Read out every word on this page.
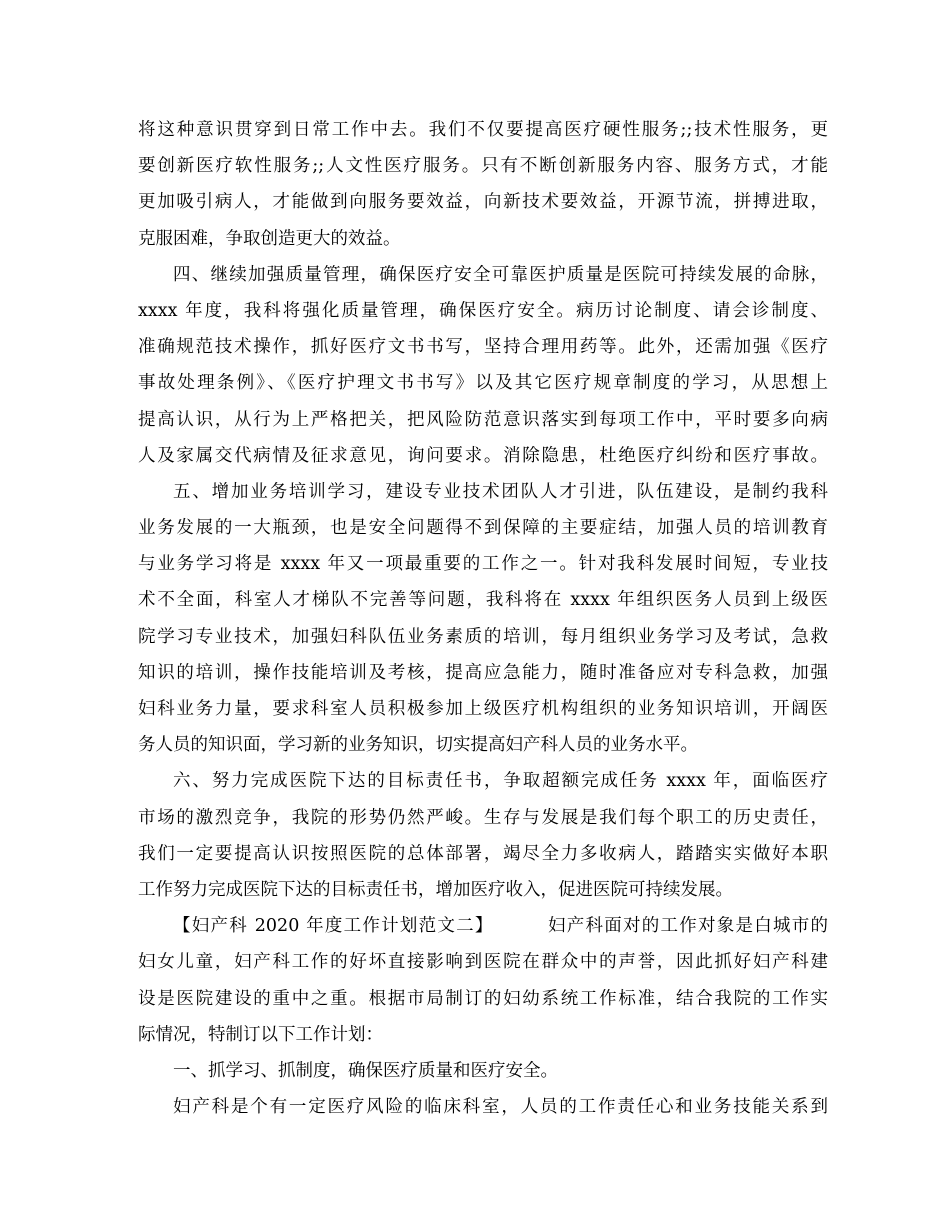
将这种意识贯穿到日常工作中去。我们不仅要提高医疗硬性服务;;技术性服务，更
要创新医疗软性服务;;人文性医疗服务。只有不断创新服务内容、服务方式，才能
更加吸引病人，才能做到向服务要效益，向新技术要效益，开源节流，拼搏进取，
克服困难，争取创造更大的效益。
四、继续加强质量管理，确保医疗安全可靠医护质量是医院可持续发展的命脉，
xxxx 年度，我科将强化质量管理，确保医疗安全。病历讨论制度、请会诊制度、
准确规范技术操作，抓好医疗文书书写，坚持合理用药等。此外，还需加强《医疗
事故处理条例》、《医疗护理文书书写》以及其它医疗规章制度的学习，从思想上
提高认识，从行为上严格把关，把风险防范意识落实到每项工作中，平时要多向病
人及家属交代病情及征求意见，询问要求。消除隐患，杜绝医疗纠纷和医疗事故。
五、增加业务培训学习，建设专业技术团队人才引进，队伍建设，是制约我科
业务发展的一大瓶颈，也是安全问题得不到保障的主要症结，加强人员的培训教育
与业务学习将是 xxxx 年又一项最重要的工作之一。针对我科发展时间短，专业技
术不全面，科室人才梯队不完善等问题，我科将在 xxxx 年组织医务人员到上级医
院学习专业技术，加强妇科队伍业务素质的培训，每月组织业务学习及考试，急救
知识的培训，操作技能培训及考核，提高应急能力，随时准备应对专科急救，加强
妇科业务力量，要求科室人员积极参加上级医疗机构组织的业务知识培训，开阔医
务人员的知识面，学习新的业务知识，切实提高妇产科人员的业务水平。
六、努力完成医院下达的目标责任书，争取超额完成任务 xxxx 年，面临医疗
市场的激烈竞争，我院的形势仍然严峻。生存与发展是我们每个职工的历史责任，
我们一定要提高认识按照医院的总体部署，竭尽全力多收病人，踏踏实实做好本职
工作努力完成医院下达的目标责任书，增加医疗收入，促进医院可持续发展。
【妇产科 2020 年度工作计划范文二】        妇产科面对的工作对象是白城市的
妇女儿童，妇产科工作的好坏直接影响到医院在群众中的声誉，因此抓好妇产科建
设是医院建设的重中之重。根据市局制订的妇幼系统工作标准，结合我院的工作实
际情况，特制订以下工作计划：
一、抓学习、抓制度，确保医疗质量和医疗安全。
妇产科是个有一定医疗风险的临床科室，人员的工作责任心和业务技能关系到
